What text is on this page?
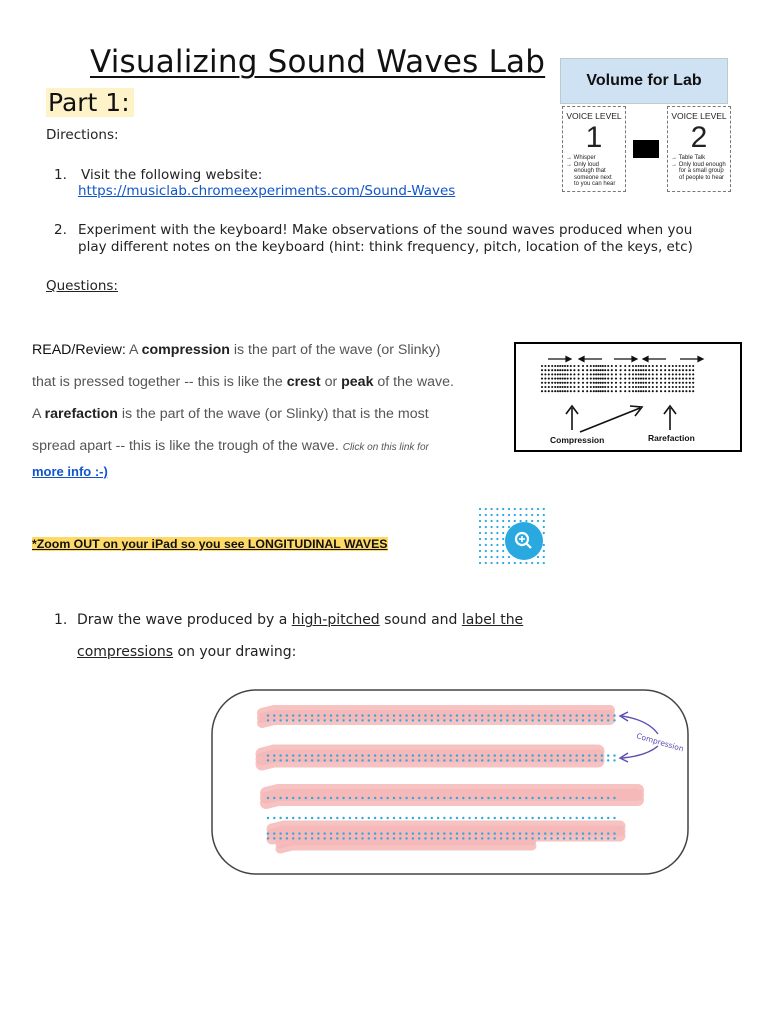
Visualizing Sound Waves Lab
Part 1:
Directions:
1. Visit the following website:
https://musiclab.chromeexperiments.com/Sound-Waves
2. Experiment with the keyboard! Make observations of the sound waves produced when you
play different notes on the keyboard (hint: think frequency, pitch, location of the keys, etc)
Questions:
Volume for Lab
VOICE LEVEL
1
→ Whisper
→ Only loud
enough that
someone next
to you can hear
VOICE LEVEL
2
→ Table Talk
→ Only loud enough
for a small group
of people to hear
READ/Review: A compression is the part of the wave (or Slinky)
that is pressed together -- this is like the crest or peak of the wave.
A rarefaction is the part of the wave (or Slinky) that is the most
spread apart -- this is like the trough of the wave. Click on this link for
more info :-)
Compression	Rarefaction
*Zoom OUT on your iPad so you see LONGITUDINAL WAVES
1. Draw the wave produced by a high-pitched sound and label the
compressions on your drawing:
Compression
